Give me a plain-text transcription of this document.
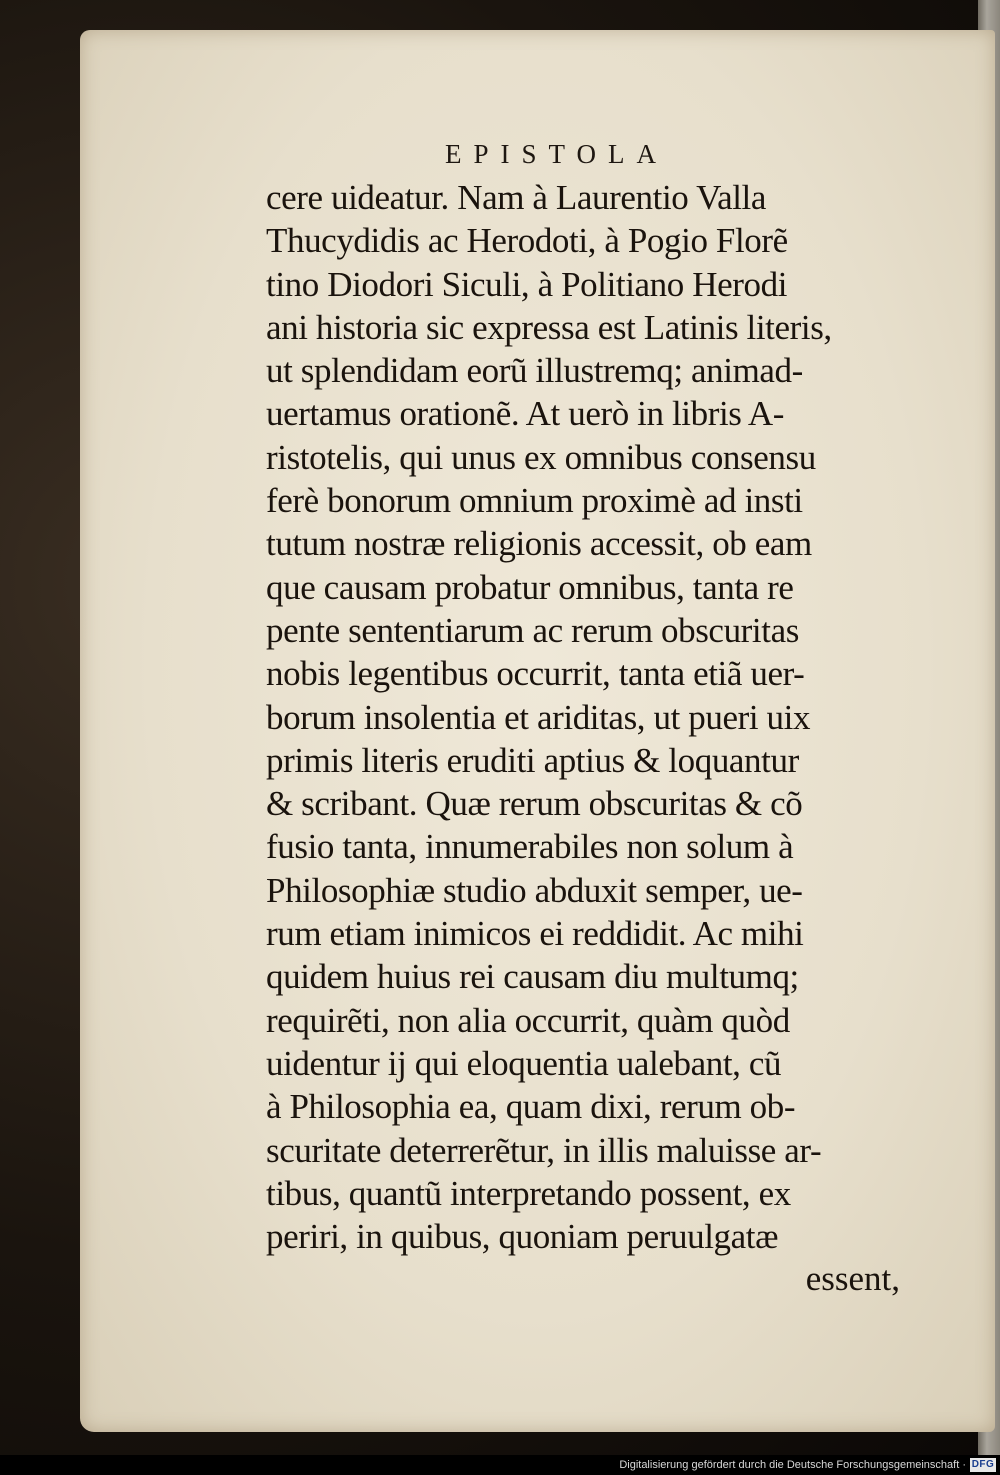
EPISTOLA
cere uideatur. Nam à Laurentio Valla
Thucydidis ac Herodoti, à Pogio Florẽ
tino Diodori Siculi, à Politiano Herodi
ani historia sic expressa est Latinis literis,
ut splendidam eorũ illustremq; animad-
uertamus orationẽ. At uerò in libris A-
ristotelis, qui unus ex omnibus consensu
ferè bonorum omnium proximè ad insti
tutum nostræ religionis accessit, ob eam
que causam probatur omnibus, tanta re
pente sententiarum ac rerum obscuritas
nobis legentibus occurrit, tanta etiã uer-
borum insolentia et ariditas, ut pueri uix
primis literis eruditi aptius & loquantur
& scribant. Quæ rerum obscuritas & cõ
fusio tanta, innumerabiles non solum à
Philosophiæ studio abduxit semper, ue-
rum etiam inimicos ei reddidit. Ac mihi
quidem huius rei causam diu multumq;
requirẽti, non alia occurrit, quàm quòd
uidentur ij qui eloquentia ualebant, cũ
à Philosophia ea, quam dixi, rerum ob-
scuritate deterrerẽtur, in illis maluisse ar-
tibus, quantũ interpretando possent, ex
periri, in quibus, quoniam peruulgatæ
essent,
Digitalisierung gefördert durch die Deutsche Forschungsgemeinschaft · DFG
